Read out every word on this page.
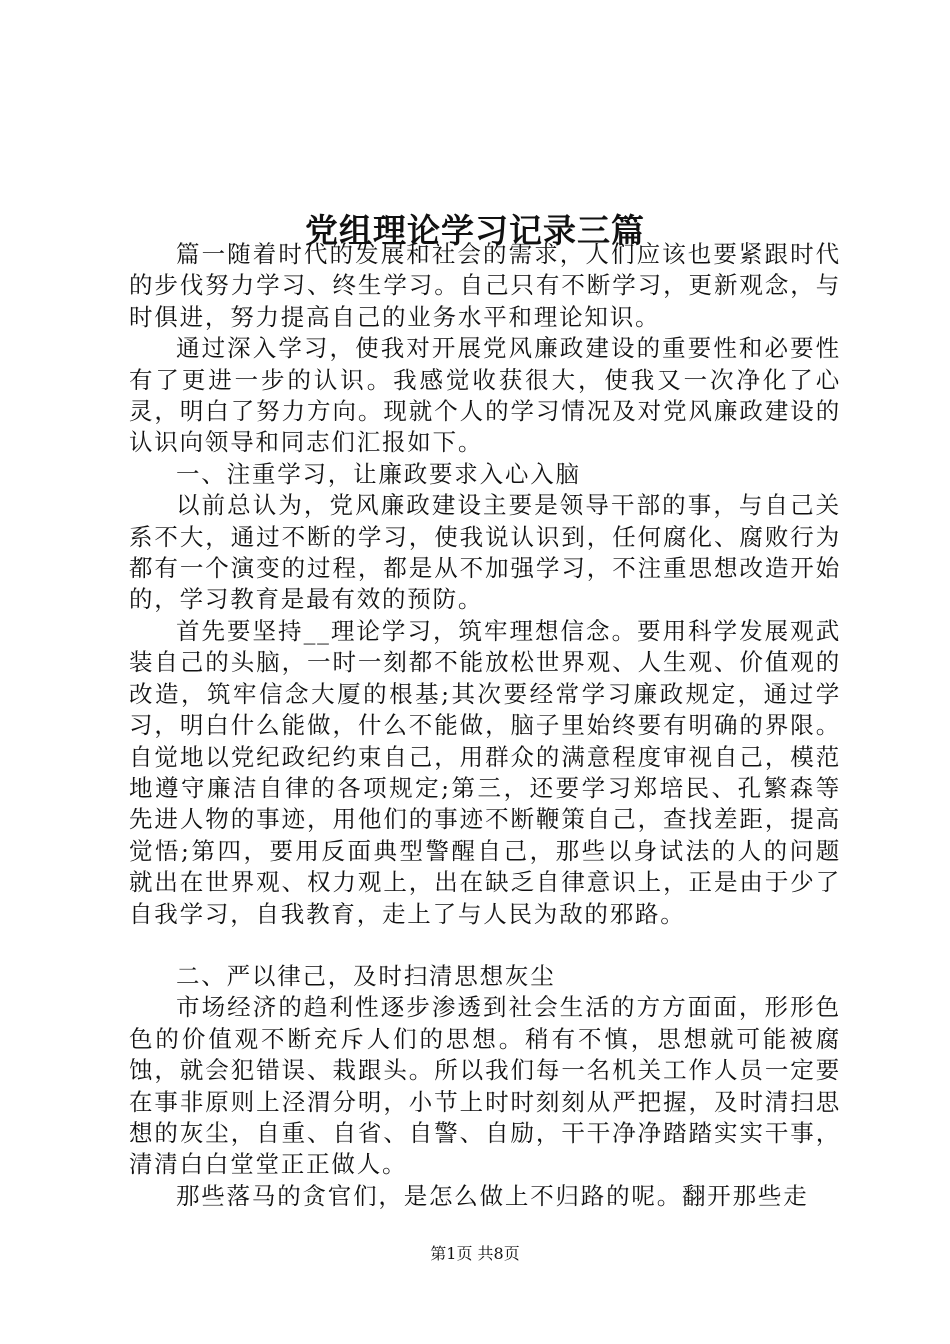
党组理论学习记录三篇

篇一随着时代的发展和社会的需求，人们应该也要紧跟时代的步伐努力学习、终生学习。自己只有不断学习，更新观念，与时俱进，努力提高自己的业务水平和理论知识。

通过深入学习，使我对开展党风廉政建设的重要性和必要性有了更进一步的认识。我感觉收获很大，使我又一次净化了心灵，明白了努力方向。现就个人的学习情况及对党风廉政建设的认识向领导和同志们汇报如下。

一、注重学习，让廉政要求入心入脑

以前总认为，党风廉政建设主要是领导干部的事，与自己关系不大，通过不断的学习，使我说认识到，任何腐化、腐败行为都有一个演变的过程，都是从不加强学习，不注重思想改造开始的，学习教育是最有效的预防。

首先要坚持__理论学习，筑牢理想信念。要用科学发展观武装自己的头脑，一时一刻都不能放松世界观、人生观、价值观的改造，筑牢信念大厦的根基;其次要经常学习廉政规定，通过学习，明白什么能做，什么不能做，脑子里始终要有明确的界限。自觉地以党纪政纪约束自己，用群众的满意程度审视自己，模范地遵守廉洁自律的各项规定;第三，还要学习郑培民、孔繁森等先进人物的事迹，用他们的事迹不断鞭策自己，查找差距，提高觉悟;第四，要用反面典型警醒自己，那些以身试法的人的问题就出在世界观、权力观上，出在缺乏自律意识上，正是由于少了自我学习，自我教育，走上了与人民为敌的邪路。

二、严以律己，及时扫清思想灰尘

市场经济的趋利性逐步渗透到社会生活的方方面面，形形色色的价值观不断充斥人们的思想。稍有不慎，思想就可能被腐蚀，就会犯错误、栽跟头。所以我们每一名机关工作人员一定要在事非原则上泾渭分明，小节上时时刻刻从严把握，及时清扫思想的灰尘，自重、自省、自警、自励，干干净净踏踏实实干事，清清白白堂堂正正做人。

那些落马的贪官们，是怎么做上不归路的呢。翻开那些走

第1页 共8页
